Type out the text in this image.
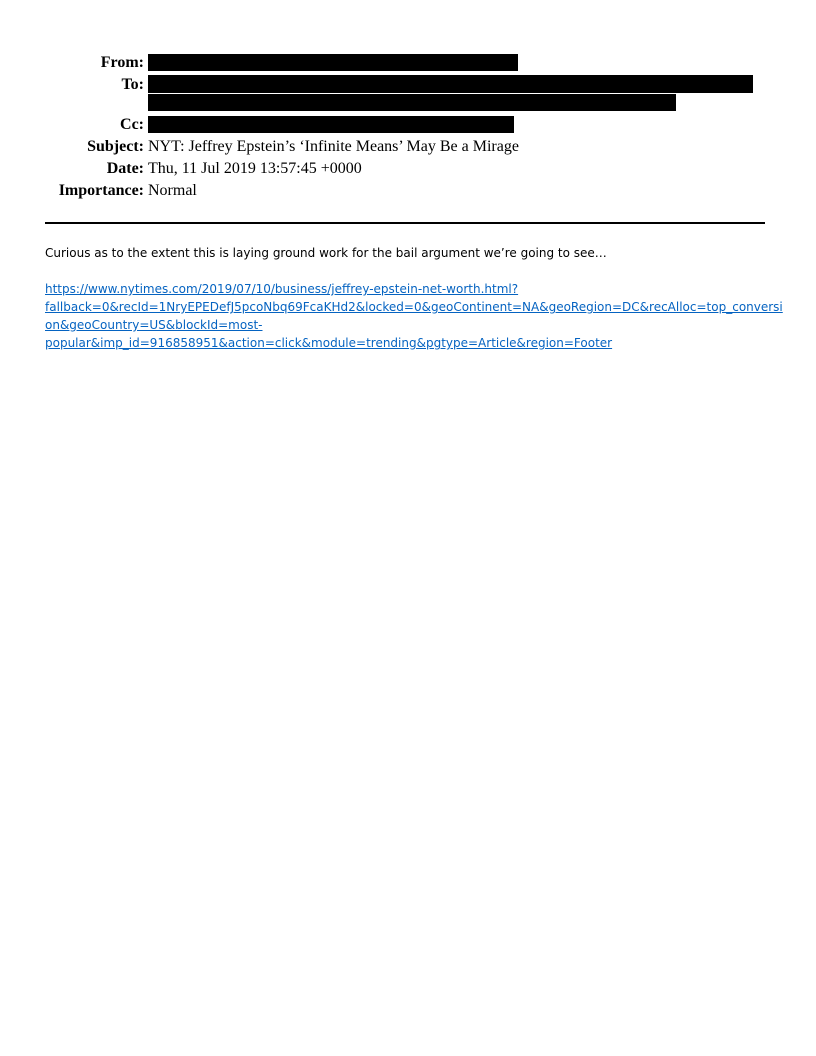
From:
To:
Cc:
Subject: NYT: Jeffrey Epstein’s ‘Infinite Means’ May Be a Mirage
Date: Thu, 11 Jul 2019 13:57:45 +0000
Importance: Normal
Curious as to the extent this is laying ground work for the bail argument we’re going to see…
https://www.nytimes.com/2019/07/10/business/jeffrey-epstein-net-worth.html?
fallback=0&recId=1NryEPEDefJ5pcoNbq69FcaKHd2&locked=0&geoContinent=NA&geoRegion=DC&recAlloc=top_conversi
on&geoCountry=US&blockId=most-
popular&imp_id=916858951&action=click&module=trending&pgtype=Article&region=Footer
